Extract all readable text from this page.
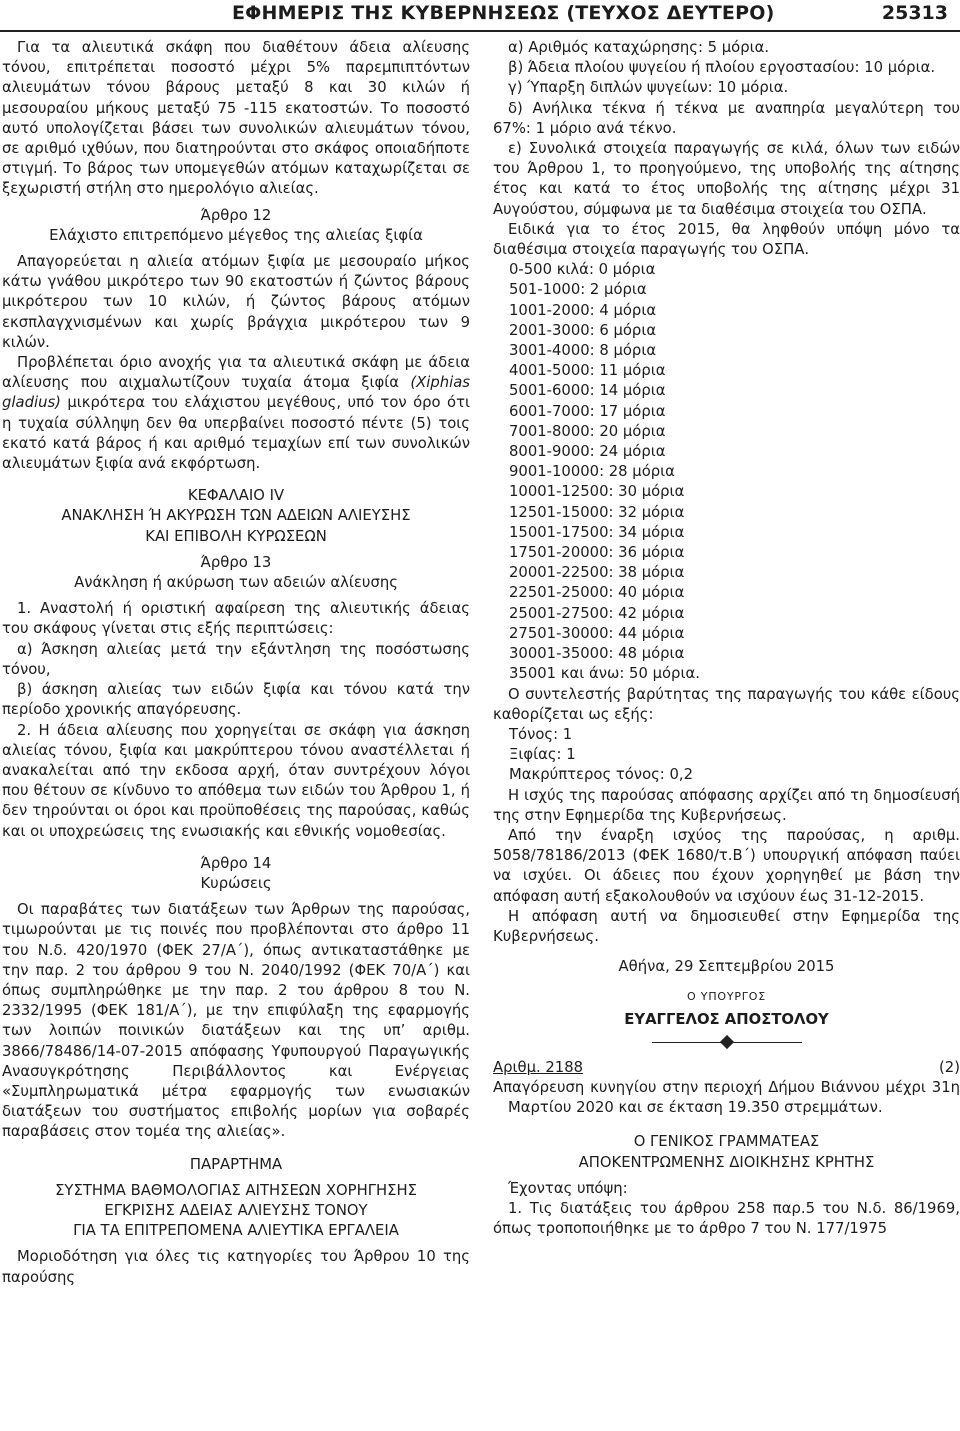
ΕΦΗΜΕΡΙΣ ΤΗΣ ΚΥΒΕΡΝΗΣΕΩΣ (ΤΕΥΧΟΣ ΔΕΥΤΕΡΟ)	25313

Για τα αλιευτικά σκάφη που διαθέτουν άδεια αλίευσης τόνου, επιτρέπεται ποσοστό μέχρι 5% παρεμπιπτόντων αλιευμάτων τόνου βάρους μεταξύ 8 και 30 κιλών ή μεσουραίου μήκους μεταξύ 75 -115 εκατοστών. Το ποσοστό αυτό υπολογίζεται βάσει των συνολικών αλιευμάτων τόνου, σε αριθμό ιχθύων, που διατηρούνται στο σκάφος οποιαδήποτε στιγμή. Το βάρος των υπομεγεθών ατόμων καταχωρίζεται σε ξεχωριστή στήλη στο ημερολόγιο αλιείας.

Άρθρο 12

Ελάχιστο επιτρεπόμενο μέγεθος της αλιείας ξιφία

Απαγορεύεται η αλιεία ατόμων ξιφία με μεσουραίο μήκος κάτω γνάθου μικρότερο των 90 εκατοστών ή ζώντος βάρους μικρότερου των 10 κιλών, ή ζώντος βάρους ατόμων εκσπλαγχνισμένων και χωρίς βράγχια μικρότερου των 9 κιλών.

Προβλέπεται όριο ανοχής για τα αλιευτικά σκάφη με άδεια αλίευσης που αιχμαλωτίζουν τυχαία άτομα ξιφία (Xiphias gladius) μικρότερα του ελάχιστου μεγέθους, υπό τον όρο ότι η τυχαία σύλληψη δεν θα υπερβαίνει ποσοστό πέντε (5) τοις εκατό κατά βάρος ή και αριθμό τεμαχίων επί των συνολικών αλιευμάτων ξιφία ανά εκφόρτωση.

ΚΕΦΑΛΑΙΟ IV

ΑΝΑΚΛΗΣΗ Ή ΑΚΥΡΩΣΗ ΤΩΝ ΑΔΕΙΩΝ ΑΛΙΕΥΣΗΣ

ΚΑΙ ΕΠΙΒΟΛΗ ΚΥΡΩΣΕΩΝ

Άρθρο 13

Ανάκληση ή ακύρωση των αδειών αλίευσης

1. Αναστολή ή οριστική αφαίρεση της αλιευτικής άδειας του σκάφους γίνεται στις εξής περιπτώσεις:

α) Άσκηση αλιείας μετά την εξάντληση της ποσόστωσης τόνου,

β) άσκηση αλιείας των ειδών ξιφία και τόνου κατά την περίοδο χρονικής απαγόρευσης.

2. Η άδεια αλίευσης που χορηγείται σε σκάφη για άσκηση αλιείας τόνου, ξιφία και μακρύπτερου τόνου αναστέλλεται ή ανακαλείται από την εκδοσα αρχή, όταν συντρέχουν λόγοι που θέτουν σε κίνδυνο το απόθεμα των ειδών του Άρθρου 1, ή δεν τηρούνται οι όροι και προϋποθέσεις της παρούσας, καθώς και οι υποχρεώσεις της ενωσιακής και εθνικής νομοθεσίας.

Άρθρο 14

Κυρώσεις

Οι παραβάτες των διατάξεων των Άρθρων της παρούσας, τιμωρούνται με τις ποινές που προβλέπονται στο άρθρο 11 του Ν.δ. 420/1970 (ΦΕΚ 27/Α΄), όπως αντικαταστάθηκε με την παρ. 2 του άρθρου 9 του Ν. 2040/1992 (ΦΕΚ 70/Α΄) και όπως συμπληρώθηκε με την παρ. 2 του άρθρου 8 του Ν. 2332/1995 (ΦΕΚ 181/Α΄), με την επιφύλαξη της εφαρμογής των λοιπών ποινικών διατάξεων και της υπ’ αριθμ. 3866/78486/14-07-2015 απόφασης Υφυπουργού Παραγωγικής Ανασυγκρότησης Περιβάλλοντος και Ενέργειας «Συμπληρωματικά μέτρα εφαρμογής των ενωσιακών διατάξεων του συστήματος επιβολής μορίων για σοβαρές παραβάσεις στον τομέα της αλιείας».

ΠΑΡΑΡΤΗΜΑ

ΣΥΣΤΗΜΑ ΒΑΘΜΟΛΟΓΙΑΣ ΑΙΤΗΣΕΩΝ ΧΟΡΗΓΗΣΗΣ

ΕΓΚΡΙΣΗΣ ΑΔΕΙΑΣ ΑΛΙΕΥΣΗΣ ΤΟΝΟΥ

ΓΙΑ ΤΑ ΕΠΙΤΡΕΠΟΜΕΝΑ ΑΛΙΕΥΤΙΚΑ ΕΡΓΑΛΕΙΑ

Μοριοδότηση για όλες τις κατηγορίες του Άρθρου 10 της παρούσης

α) Αριθμός καταχώρησης: 5 μόρια.

β) Άδεια πλοίου ψυγείου ή πλοίου εργοστασίου: 10 μόρια.

γ) Ύπαρξη διπλών ψυγείων: 10 μόρια.

δ) Ανήλικα τέκνα ή τέκνα με αναπηρία μεγαλύτερη του 67%: 1 μόριο ανά τέκνο.

ε) Συνολικά στοιχεία παραγωγής σε κιλά, όλων των ειδών του Άρθρου 1, το προηγούμενο, της υποβολής της αίτησης έτος και κατά το έτος υποβολής της αίτησης μέχρι 31 Αυγούστου, σύμφωνα με τα διαθέσιμα στοιχεία του ΟΣΠΑ.

Ειδικά για το έτος 2015, θα ληφθούν υπόψη μόνο τα διαθέσιμα στοιχεία παραγωγής του ΟΣΠΑ.

0-500 κιλά: 0 μόρια

501-1000: 2 μόρια

1001-2000: 4 μόρια

2001-3000: 6 μόρια

3001-4000: 8 μόρια

4001-5000: 11 μόρια

5001-6000: 14 μόρια

6001-7000: 17 μόρια

7001-8000: 20 μόρια

8001-9000: 24 μόρια

9001-10000: 28 μόρια

10001-12500: 30 μόρια

12501-15000: 32 μόρια

15001-17500: 34 μόρια

17501-20000: 36 μόρια

20001-22500: 38 μόρια

22501-25000: 40 μόρια

25001-27500: 42 μόρια

27501-30000: 44 μόρια

30001-35000: 48 μόρια

35001 και άνω: 50 μόρια.

Ο συντελεστής βαρύτητας της παραγωγής του κάθε είδους καθορίζεται ως εξής:

Τόνος: 1

Ξιφίας: 1

Μακρύπτερος τόνος: 0,2

Η ισχύς της παρούσας απόφασης αρχίζει από τη δημοσίευσή της στην Εφημερίδα της Κυβερνήσεως.

Από την έναρξη ισχύος της παρούσας, η αριθμ. 5058/78186/2013 (ΦΕΚ 1680/τ.Β΄) υπουργική απόφαση παύει να ισχύει. Οι άδειες που έχουν χορηγηθεί με βάση την απόφαση αυτή εξακολουθούν να ισχύουν έως 31-12-2015.

Η απόφαση αυτή να δημοσιευθεί στην Εφημερίδα της Κυβερνήσεως.

Αθήνα, 29 Σεπτεμβρίου 2015

Ο ΥΠΟΥΡΓΟΣ

ΕΥΑΓΓΕΛΟΣ ΑΠΟΣΤΟΛΟΥ

Αριθμ. 2188	(2)

Απαγόρευση κυνηγίου στην περιοχή Δήμου Βιάννου μέχρι 31η Μαρτίου 2020 και σε έκταση 19.350 στρεμμάτων.

Ο ΓΕΝΙΚΟΣ ΓΡΑΜΜΑΤΕΑΣ

ΑΠΟΚΕΝΤΡΩΜΕΝΗΣ ΔΙΟΙΚΗΣΗΣ ΚΡΗΤΗΣ

Έχοντας υπόψη:

1. Τις διατάξεις του άρθρου 258 παρ.5 του Ν.δ. 86/1969, όπως τροποποιήθηκε με το άρθρο 7 του Ν. 177/1975
